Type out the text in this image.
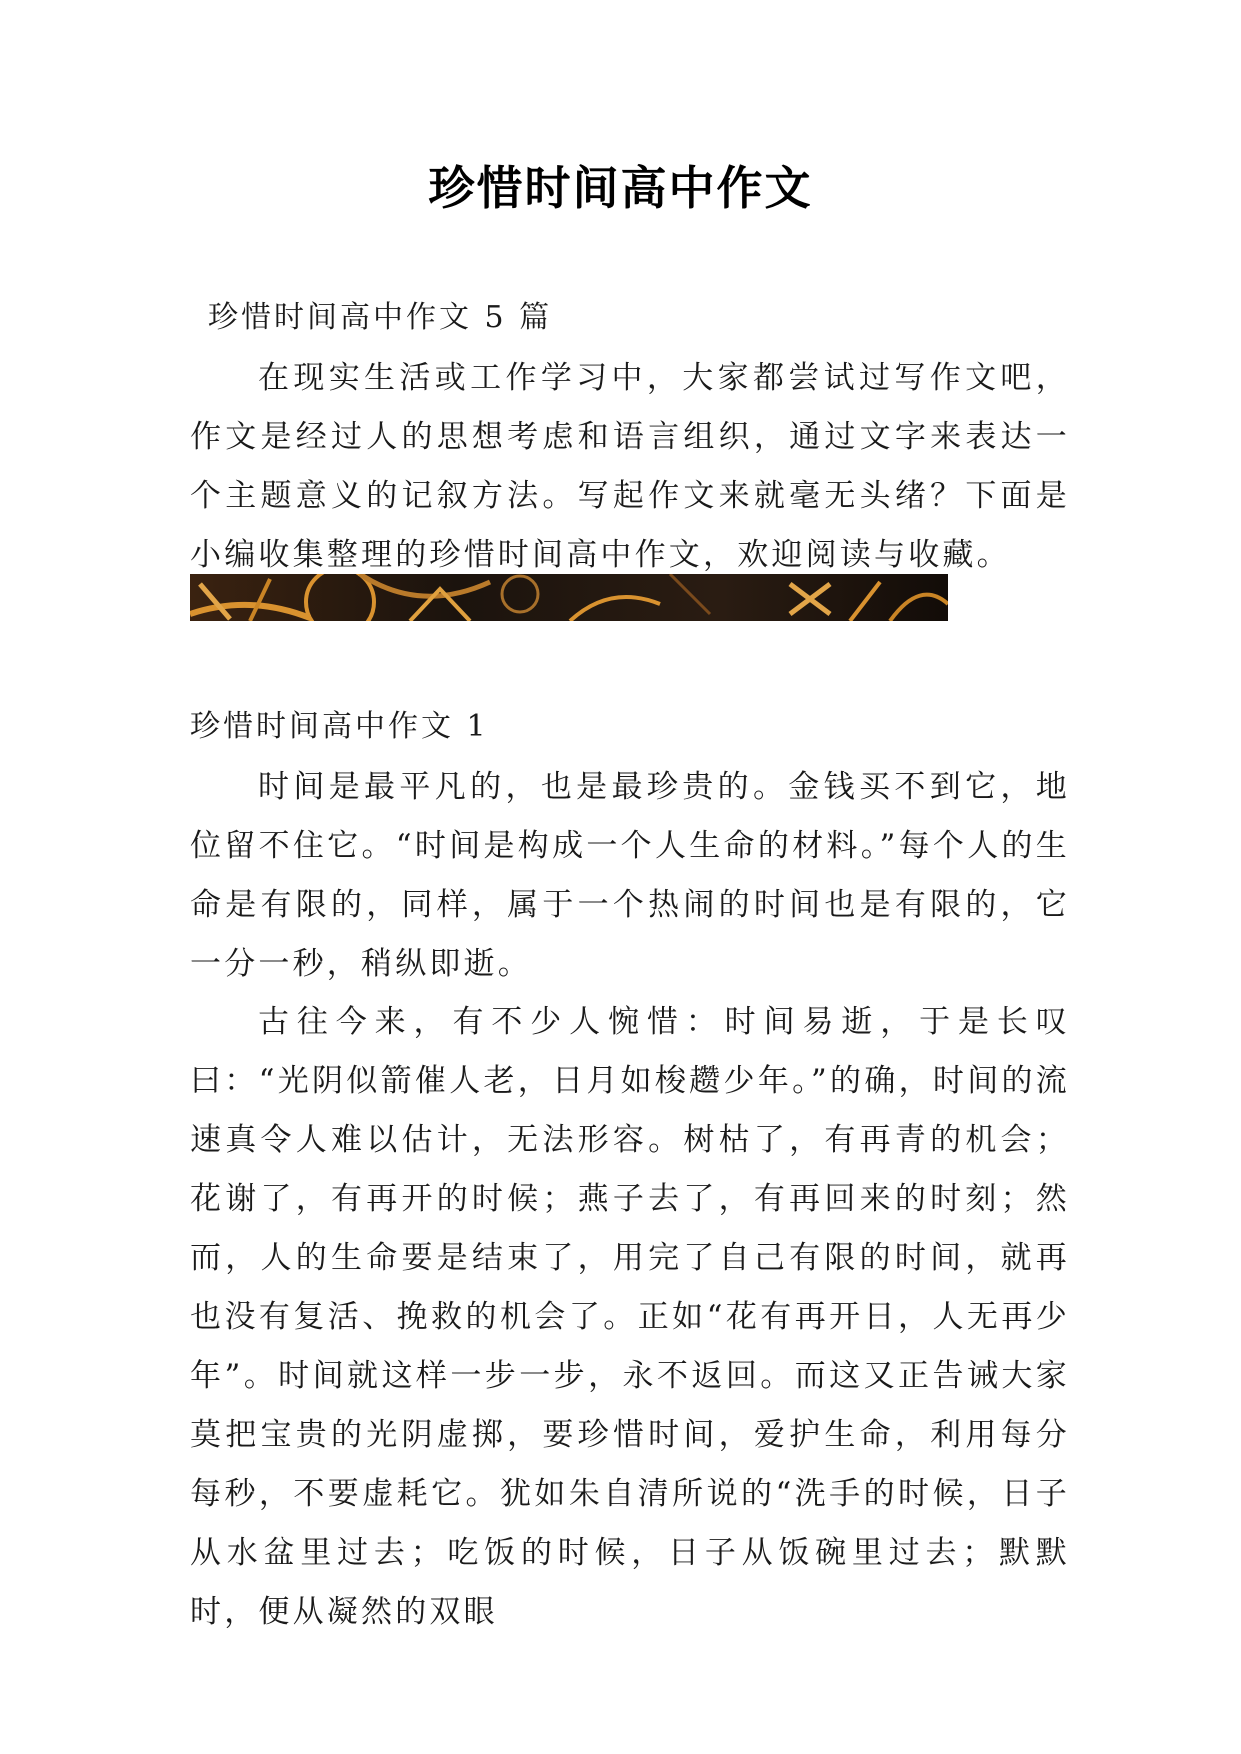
珍惜时间高中作文
珍惜时间高中作文 5 篇

在现实生活或工作学习中，大家都尝试过写作文吧，作文是经过人的思想考虑和语言组织，通过文字来表达一个主题意义的记叙方法。写起作文来就毫无头绪？下面是小编收集整理的珍惜时间高中作文，欢迎阅读与收藏。

珍惜时间高中作文 1

时间是最平凡的，也是最珍贵的。金钱买不到它，地位留不住它。“时间是构成一个人生命的材料。”每个人的生命是有限的，同样，属于一个热闹的时间也是有限的，它一分一秒，稍纵即逝。

古往今来，有不少人惋惜：时间易逝，于是长叹曰：“光阴似箭催人老，日月如梭趱少年。”的确，时间的流速真令人难以估计，无法形容。树枯了，有再青的机会；花谢了，有再开的时候；燕子去了，有再回来的时刻；然而，人的生命要是结束了，用完了自己有限的时间，就再也没有复活、挽救的机会了。正如“花有再开日，人无再少年”。时间就这样一步一步，永不返回。而这又正告诫大家莫把宝贵的光阴虚掷，要珍惜时间，爱护生命，利用每分每秒，不要虚耗它。犹如朱自清所说的“洗手的时候，日子从水盆里过去；吃饭的时候，日子从饭碗里过去；默默时，便从凝然的双眼
